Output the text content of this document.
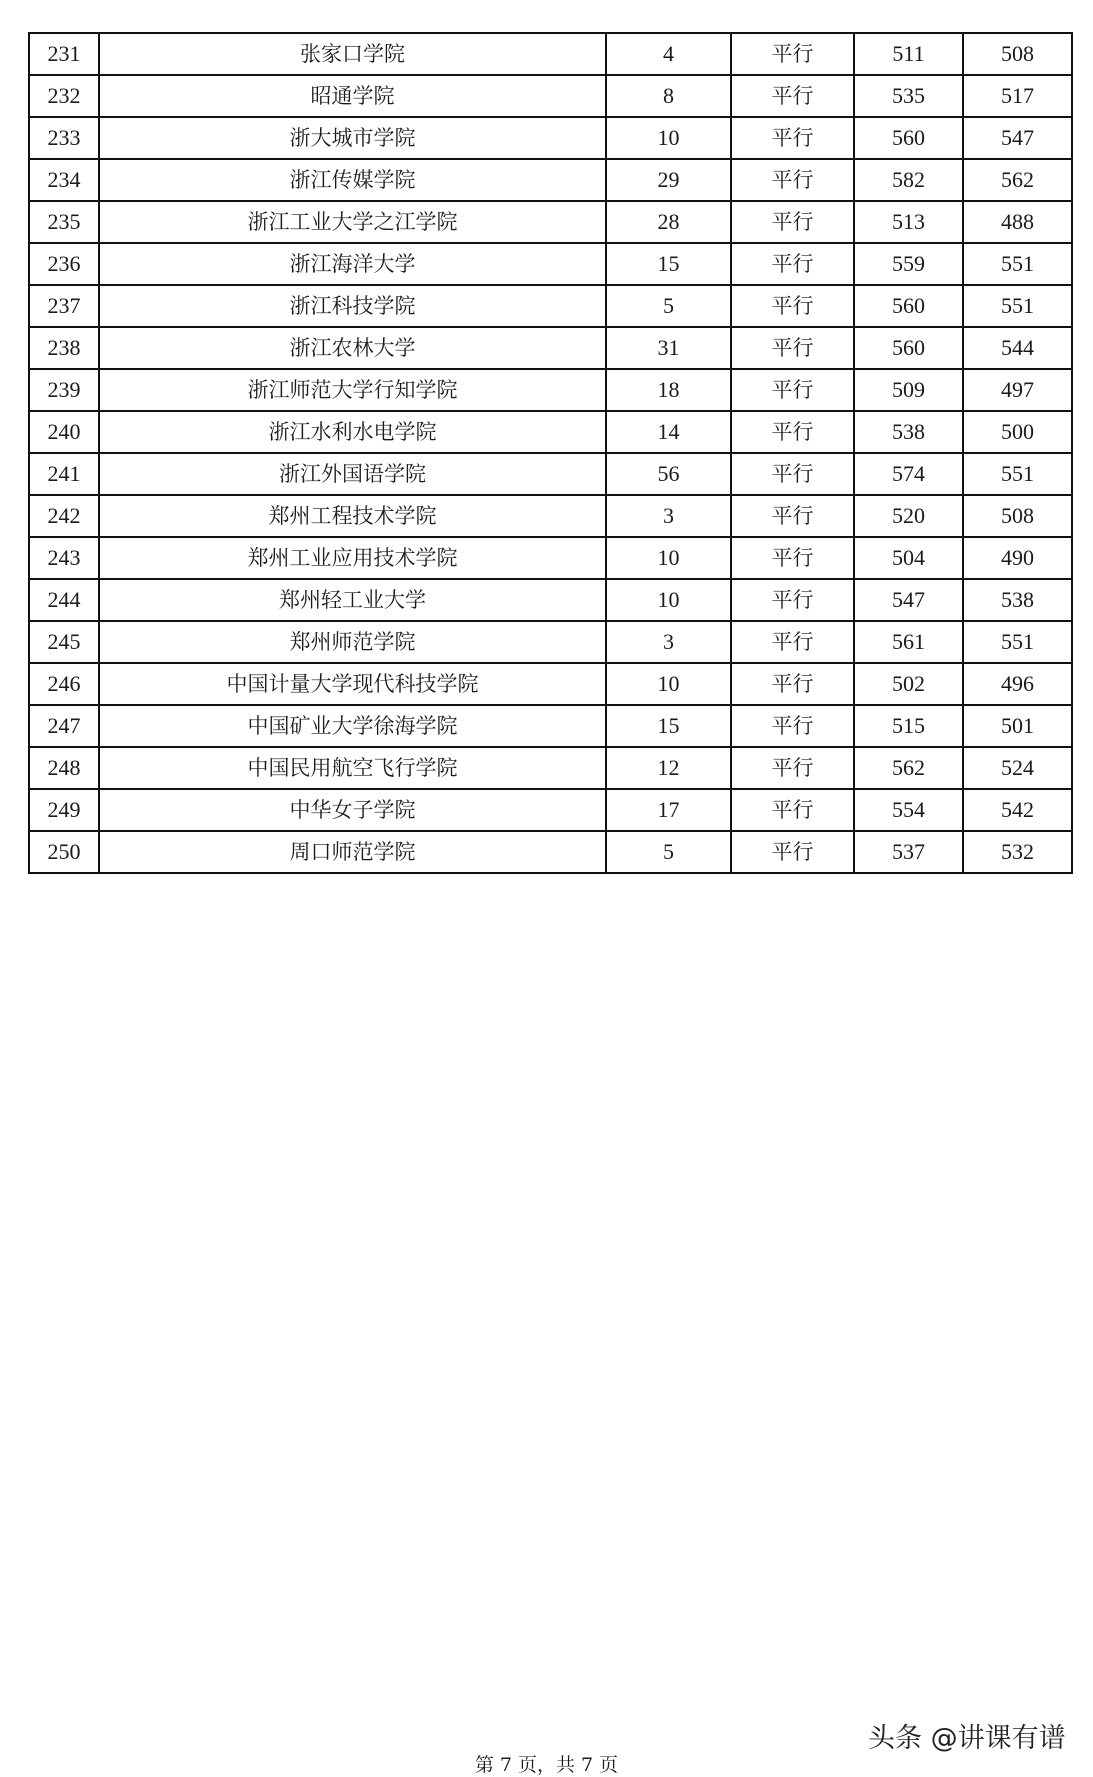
231	张家口学院	4	平行	511	508
232	昭通学院	8	平行	535	517
233	浙大城市学院	10	平行	560	547
234	浙江传媒学院	29	平行	582	562
235	浙江工业大学之江学院	28	平行	513	488
236	浙江海洋大学	15	平行	559	551
237	浙江科技学院	5	平行	560	551
238	浙江农林大学	31	平行	560	544
239	浙江师范大学行知学院	18	平行	509	497
240	浙江水利水电学院	14	平行	538	500
241	浙江外国语学院	56	平行	574	551
242	郑州工程技术学院	3	平行	520	508
243	郑州工业应用技术学院	10	平行	504	490
244	郑州轻工业大学	10	平行	547	538
245	郑州师范学院	3	平行	561	551
246	中国计量大学现代科技学院	10	平行	502	496
247	中国矿业大学徐海学院	15	平行	515	501
248	中国民用航空飞行学院	12	平行	562	524
249	中华女子学院	17	平行	554	542
250	周口师范学院	5	平行	537	532
第 7 页，共 7 页
头条 @讲课有谱
